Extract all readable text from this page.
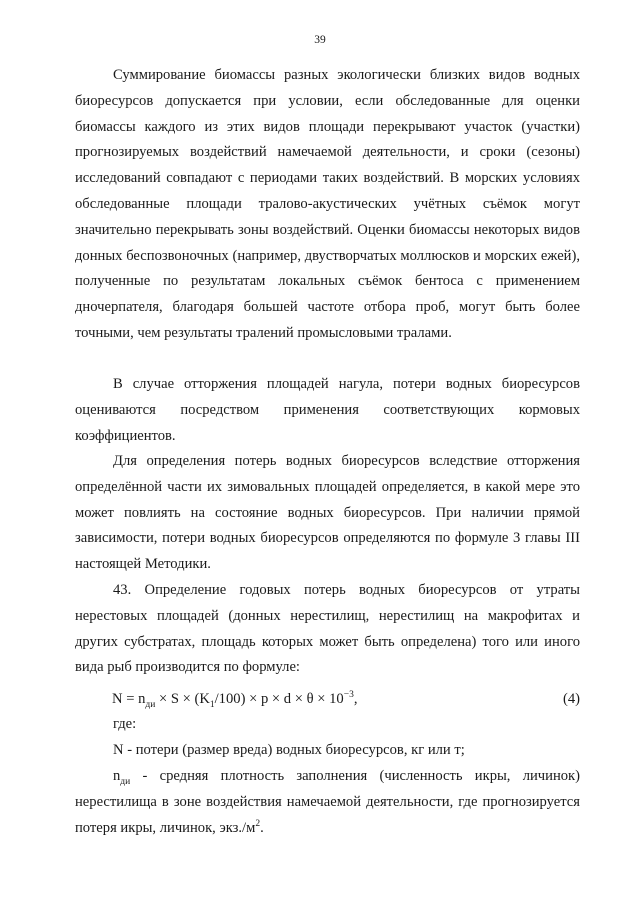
39

Суммирование биомассы разных экологически близких видов водных биоресурсов допускается при условии, если обследованные для оценки биомассы каждого из этих видов площади перекрывают участок (участки) прогнозируемых воздействий намечаемой деятельности, и сроки (сезоны) исследований совпадают с периодами таких воздействий. В морских условиях обследованные площади тралово-акустических учётных съёмок могут значительно перекрывать зоны воздействий. Оценки биомассы некоторых видов донных беспозвоночных (например, двустворчатых моллюсков и морских ежей), полученные по результатам локальных съёмок бентоса с применением дночерпателя, благодаря большей частоте отбора проб, могут быть более точными, чем результаты тралений промысловыми тралами.

В случае отторжения площадей нагула, потери водных биоресурсов оцениваются посредством применения соответствующих кормовых коэффициентов.

Для определения потерь водных биоресурсов вследствие отторжения определённой части их зимовальных площадей определяется, в какой мере это может повлиять на состояние водных биоресурсов. При наличии прямой зависимости, потери водных биоресурсов определяются по формуле 3 главы III настоящей Методики.

43. Определение годовых потерь водных биоресурсов от утраты нерестовых площадей (донных нерестилищ, нерестилищ на макрофитах и других субстратах, площадь которых может быть определена) того или иного вида рыб производится по формуле:

$N = n_{ди} \times S \times (K_1/100) \times p \times d \times \theta \times 10^{-3}$,	(4)
где:
N - потери (размер вреда) водных биоресурсов, кг или т;

$n_{ди}$ - средняя плотность заполнения (численность икры, личинок) нерестилища в зоне воздействия намечаемой деятельности, где прогнозируется потеря икры, личинок, $экз./м^2$.
